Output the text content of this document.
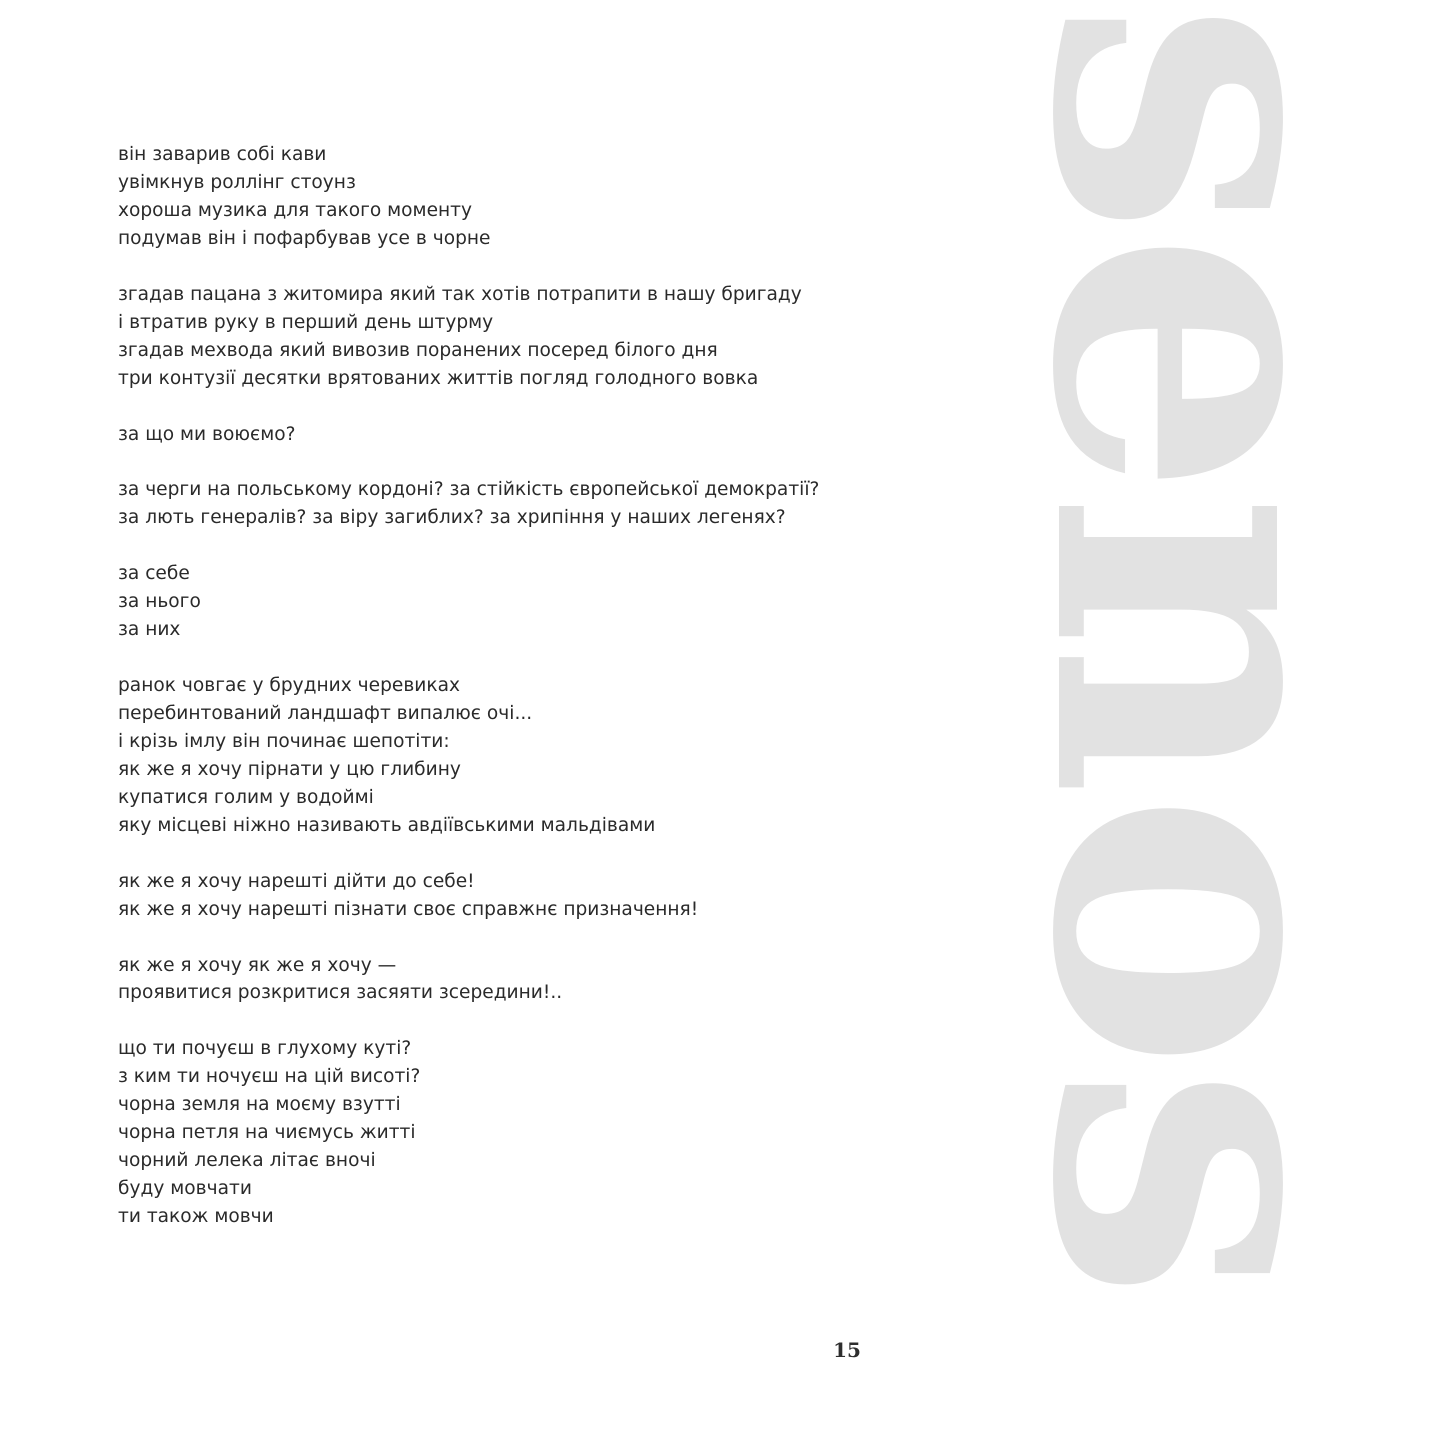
senos
він заварив собі кави
увімкнув роллінг стоунз
хороша музика для такого моменту
подумав він і пофарбував усе в чорне
згадав пацана з житомира який так хотів потрапити в нашу бригаду
і втратив руку в перший день штурму
згадав мехвода який вивозив поранених посеред білого дня
три контузії десятки врятованих життів погляд голодного вовка
за що ми воюємо?
за черги на польському кордоні? за стійкість європейської демократії?
за лють генералів? за віру загиблих? за хрипіння у наших легенях?
за себе
за нього
за них
ранок човгає у брудних черевиках
перебинтований ландшафт випалює очі...
і крізь імлу він починає шепотіти:
як же я хочу пірнати у цю глибину
купатися голим у водоймі
яку місцеві ніжно називають авдіївськими мальдівами
як же я хочу нарешті дійти до себе!
як же я хочу нарешті пізнати своє справжнє призначення!
як же я хочу як же я хочу —
проявитися розкритися засяяти зсередини!..
що ти почуєш в глухому куті?
з ким ти ночуєш на цій висоті?
чорна земля на моєму взутті
чорна петля на чиємусь житті
чорний лелека літає вночі
буду мовчати
ти також мовчи
15
